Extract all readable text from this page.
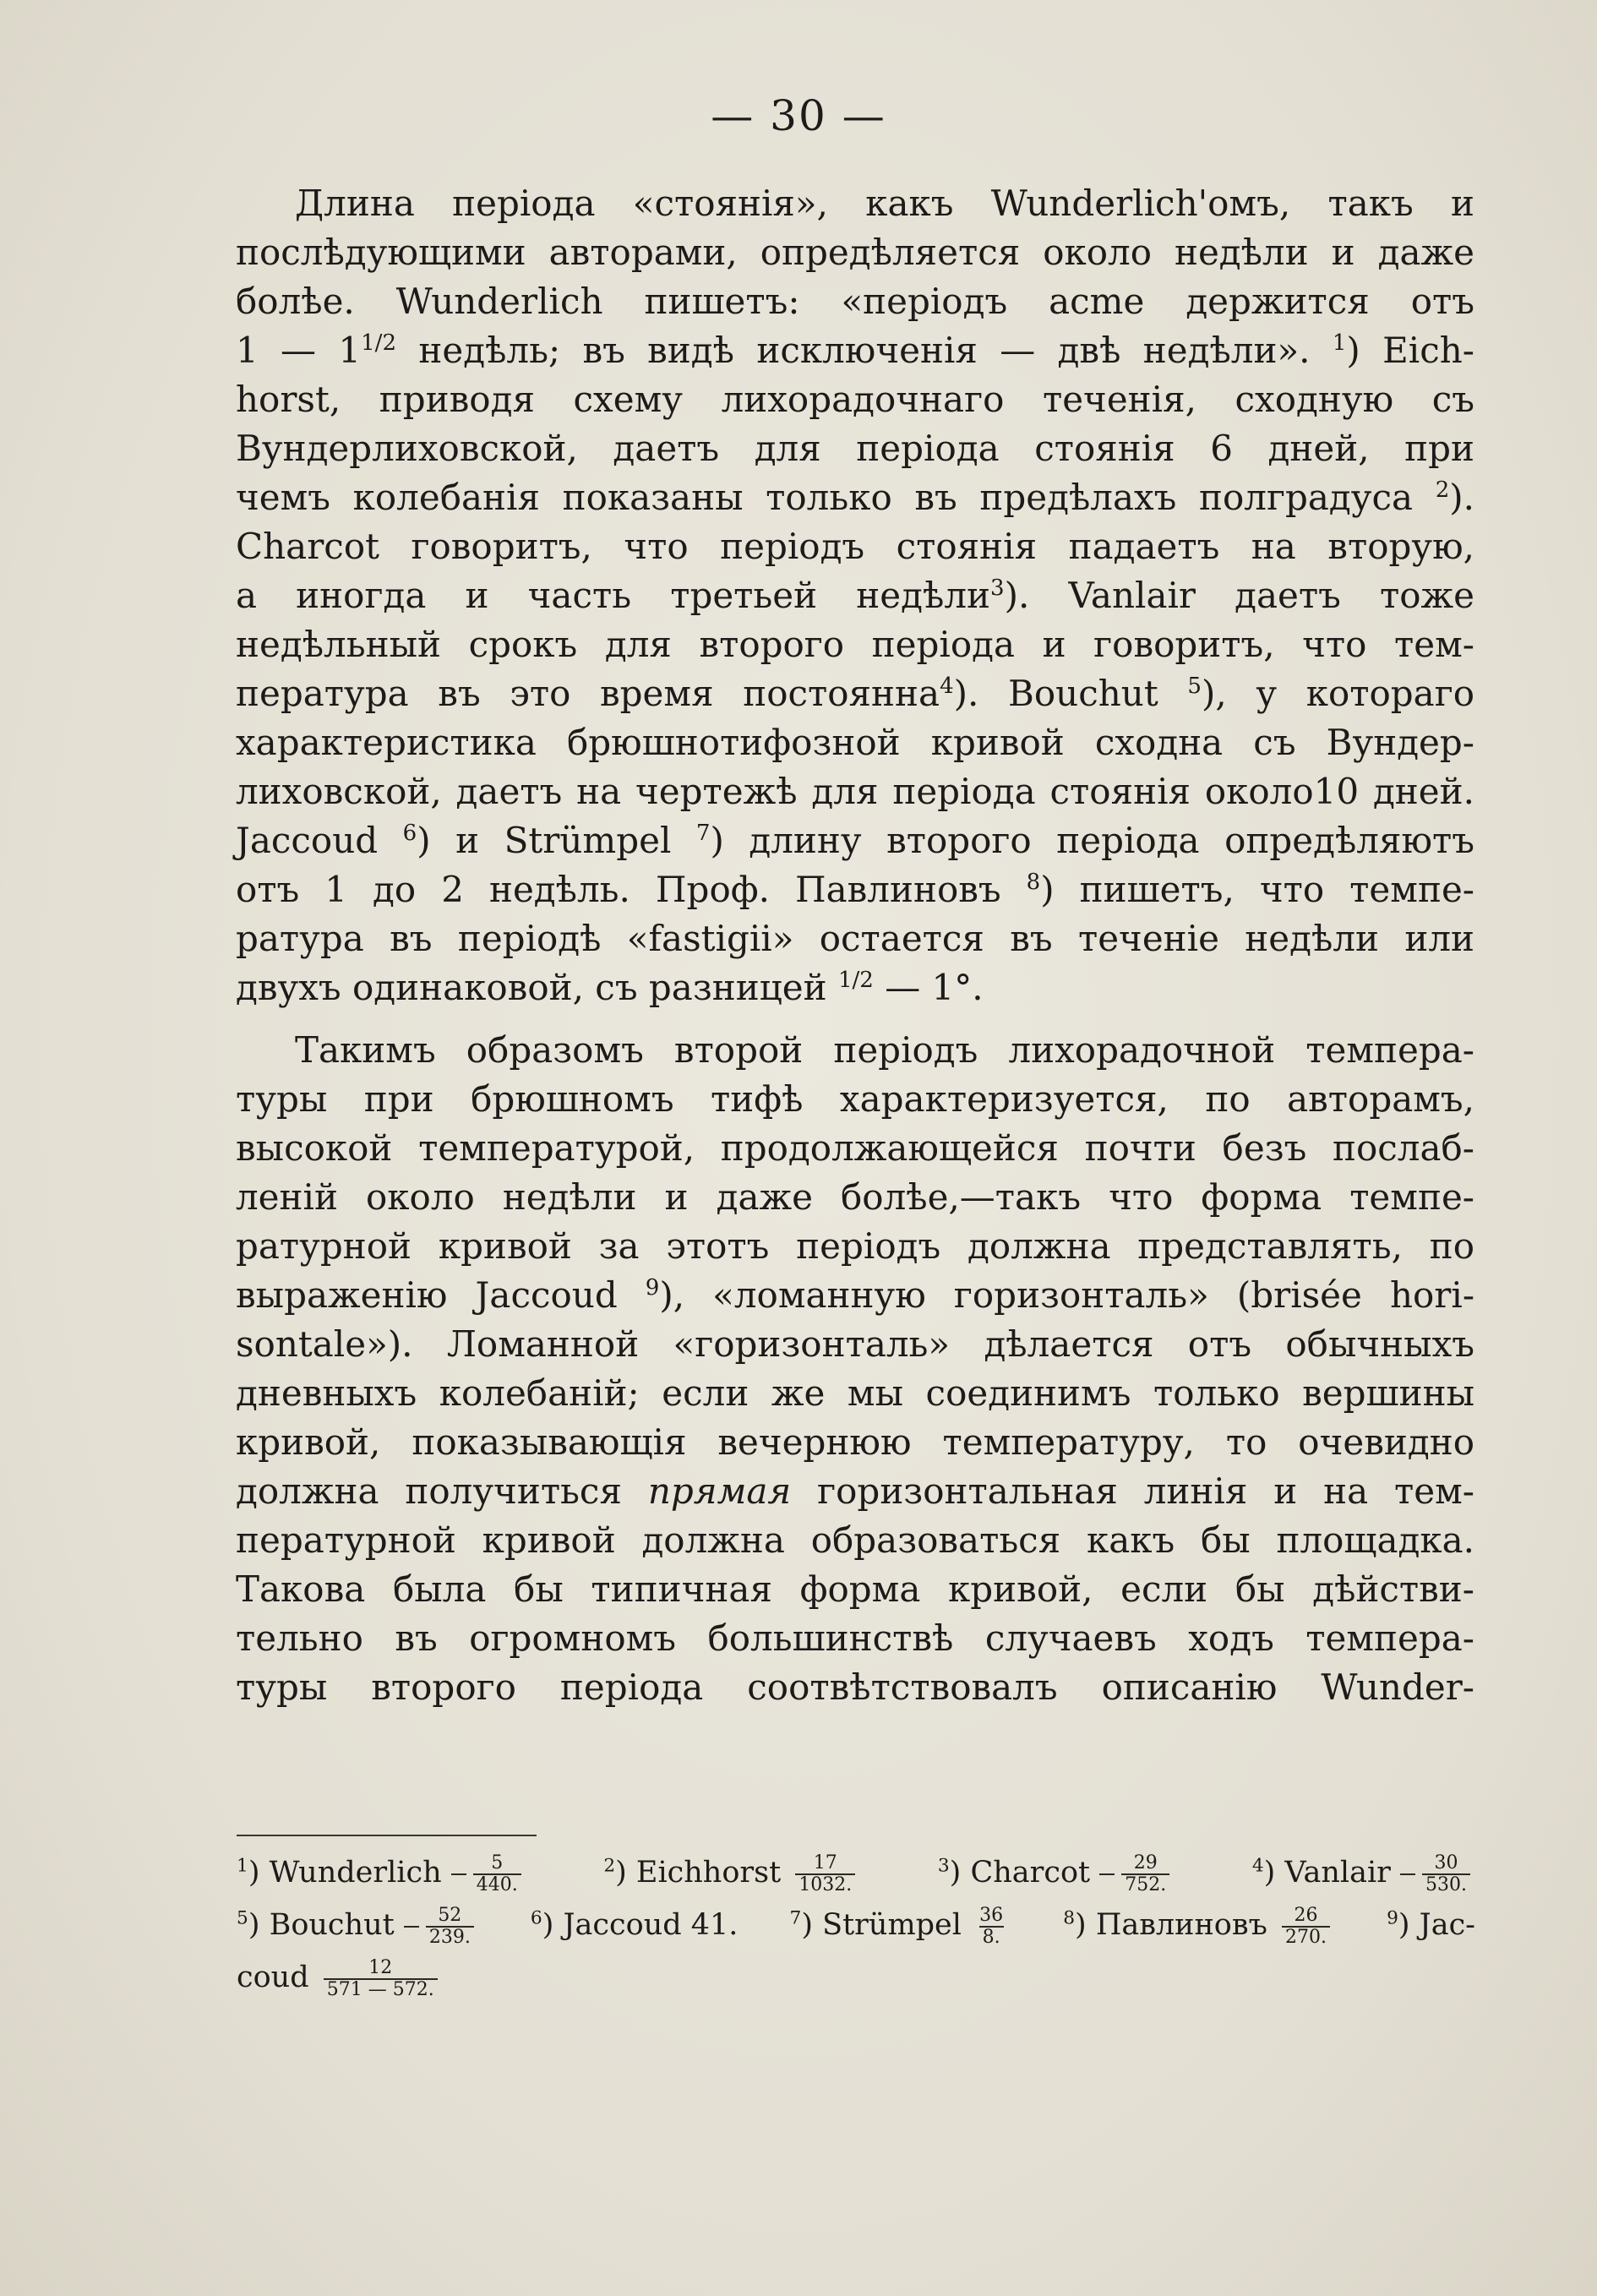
— 30 —
Длина періода «стоянія», какъ Wunderlich'омъ, такъ и
послѣдующими авторами, опредѣляется около недѣли и даже
болѣе. Wunderlich пишетъ: «періодъ acme держится отъ
1 — $1^{1/2}$ недѣль; въ видѣ исключенія — двѣ недѣли». $^1$) Eich-
horst, приводя схему лихорадочнаго теченія, сходную съ
Вундерлиховской, даетъ для періода стоянія 6 дней, при
чемъ колебанія показаны только въ предѣлахъ полградуса $^2$).
Charcot говоритъ, что періодъ стоянія падаетъ на вторую,
а иногда и часть третьей недѣли$^3$). Vanlair даетъ тоже
недѣльный срокъ для второго періода и говоритъ, что тем-
пература въ это время постоянна$^4$). Bouchut $^5$), у котораго
характеристика брюшнотифозной кривой сходна съ Вундер-
лиховской, даетъ на чертежѣ для періода стоянія около10 дней.
Jaccoud $^6$) и Strümpel $^7$) длину второго періода опредѣляютъ
отъ 1 до 2 недѣль. Проф. Павлиновъ $^8$) пишетъ, что темпе-
ратура въ періодѣ «fastigii» остается въ теченіе недѣли или
двухъ одинаковой, съ разницей $^{1/2}$ — 1°.
Такимъ образомъ второй періодъ лихорадочной темпера-
туры при брюшномъ тифѣ характеризуется, по авторамъ,
высокой температурой, продолжающейся почти безъ послаб-
леній около недѣли и даже болѣе,—такъ что форма темпе-
ратурной кривой за этотъ періодъ должна представлять, по
выраженію Jaccoud $^9$), «ломанную горизонталь» (brisée hori-
sontale»). Ломанной «горизонталь» дѣлается отъ обычныхъ
дневныхъ колебаній; если же мы соединимъ только вершины
кривой, показывающія вечернюю температуру, то очевидно
должна получиться прямая горизонтальная линія и на тем-
пературной кривой должна образоваться какъ бы площадка.
Такова была бы типичная форма кривой, если бы дѣйстви-
тельно въ огромномъ большинствѣ случаевъ ходъ темпера-
туры второго періода соотвѣтствовалъ описанію Wunder-
$^1$) Wunderlich $\frac{5}{440.}$	$^2$) Eichhorst $\frac{17}{1032.}$	$^3$) Charcot $\frac{29}{752.}$	$^4$) Vanlair $\frac{30}{530.}$
$^5$) Bouchut $\frac{52}{239.}$	$^6$) Jaccoud 41.	$^7$) Strümpel $\frac{36}{8.}$	$^8$) Павлиновъ $\frac{26}{270.}$	$^9$) Jac-
coud $\frac{12}{571 — 572.}$
